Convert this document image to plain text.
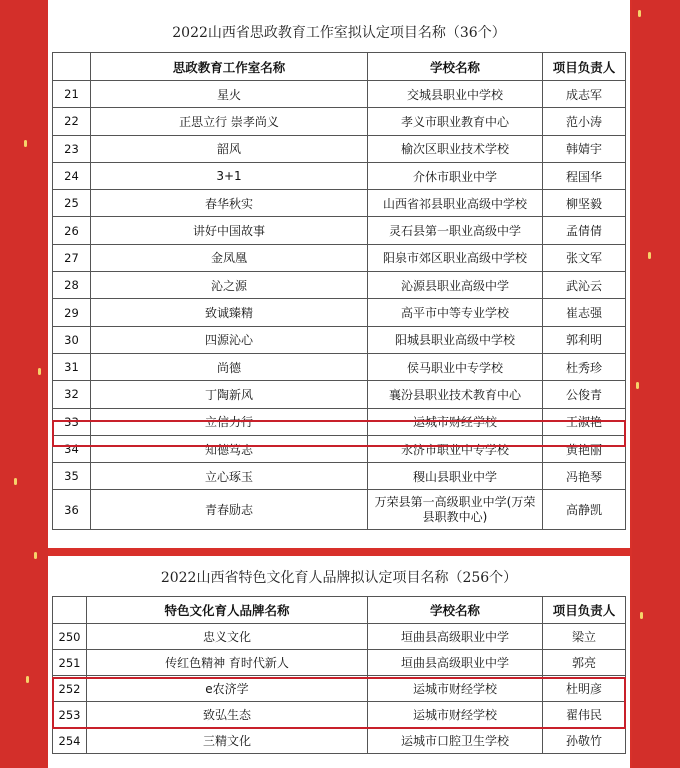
2022山西省思政教育工作室拟认定项目名称（36个）
	思政教育工作室名称	学校名称	项目负责人
21	星火	交城县职业中学校	成志军
22	正思立行 崇孝尚义	孝义市职业教育中心	范小涛
23	韶风	榆次区职业技术学校	韩婧宇
24	3+1	介休市职业中学	程国华
25	春华秋实	山西省祁县职业高级中学校	柳坚毅
26	讲好中国故事	灵石县第一职业高级中学	孟倩倩
27	金凤凰	阳泉市郊区职业高级中学校	张文军
28	沁之源	沁源县职业高级中学	武沁云
29	致诚臻精	高平市中等专业学校	崔志强
30	四源沁心	阳城县职业高级中学校	郭利明
31	尚德	侯马职业中专学校	杜秀珍
32	丁陶新风	襄汾县职业技术教育中心	公俊青
33	立信力行	运城市财经学校	王淑艳
34	知德笃志	永济市职业中专学校	黄艳丽
35	立心琢玉	稷山县职业中学	冯艳琴
36	青春励志	万荣县第一高级职业中学(万荣县职教中心)	高静凯
2022山西省特色文化育人品牌拟认定项目名称（256个）
	特色文化育人品牌名称	学校名称	项目负责人
250	忠义文化	垣曲县高级职业中学	梁立
251	传红色精神 育时代新人	垣曲县高级职业中学	郭亮
252	e农济学	运城市财经学校	杜明彦
253	致弘生态	运城市财经学校	翟伟民
254	三精文化	运城市口腔卫生学校	孙敬竹
